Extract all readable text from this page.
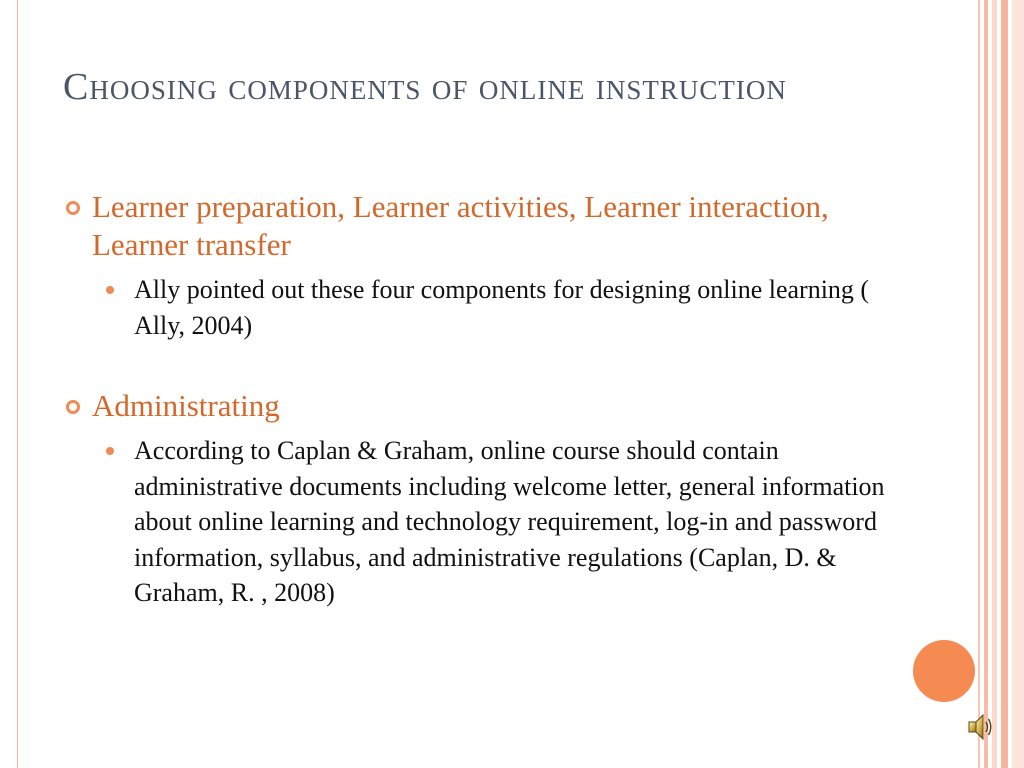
Choosing components of online instruction
Learner preparation, Learner activities, Learner interaction, Learner transfer
Ally pointed out these four components for designing online learning ( Ally, 2004)
Administrating
According to Caplan & Graham, online course should contain administrative documents including welcome letter, general information about online learning and technology requirement, log-in and password information, syllabus, and administrative regulations (Caplan, D. & Graham, R. , 2008)
